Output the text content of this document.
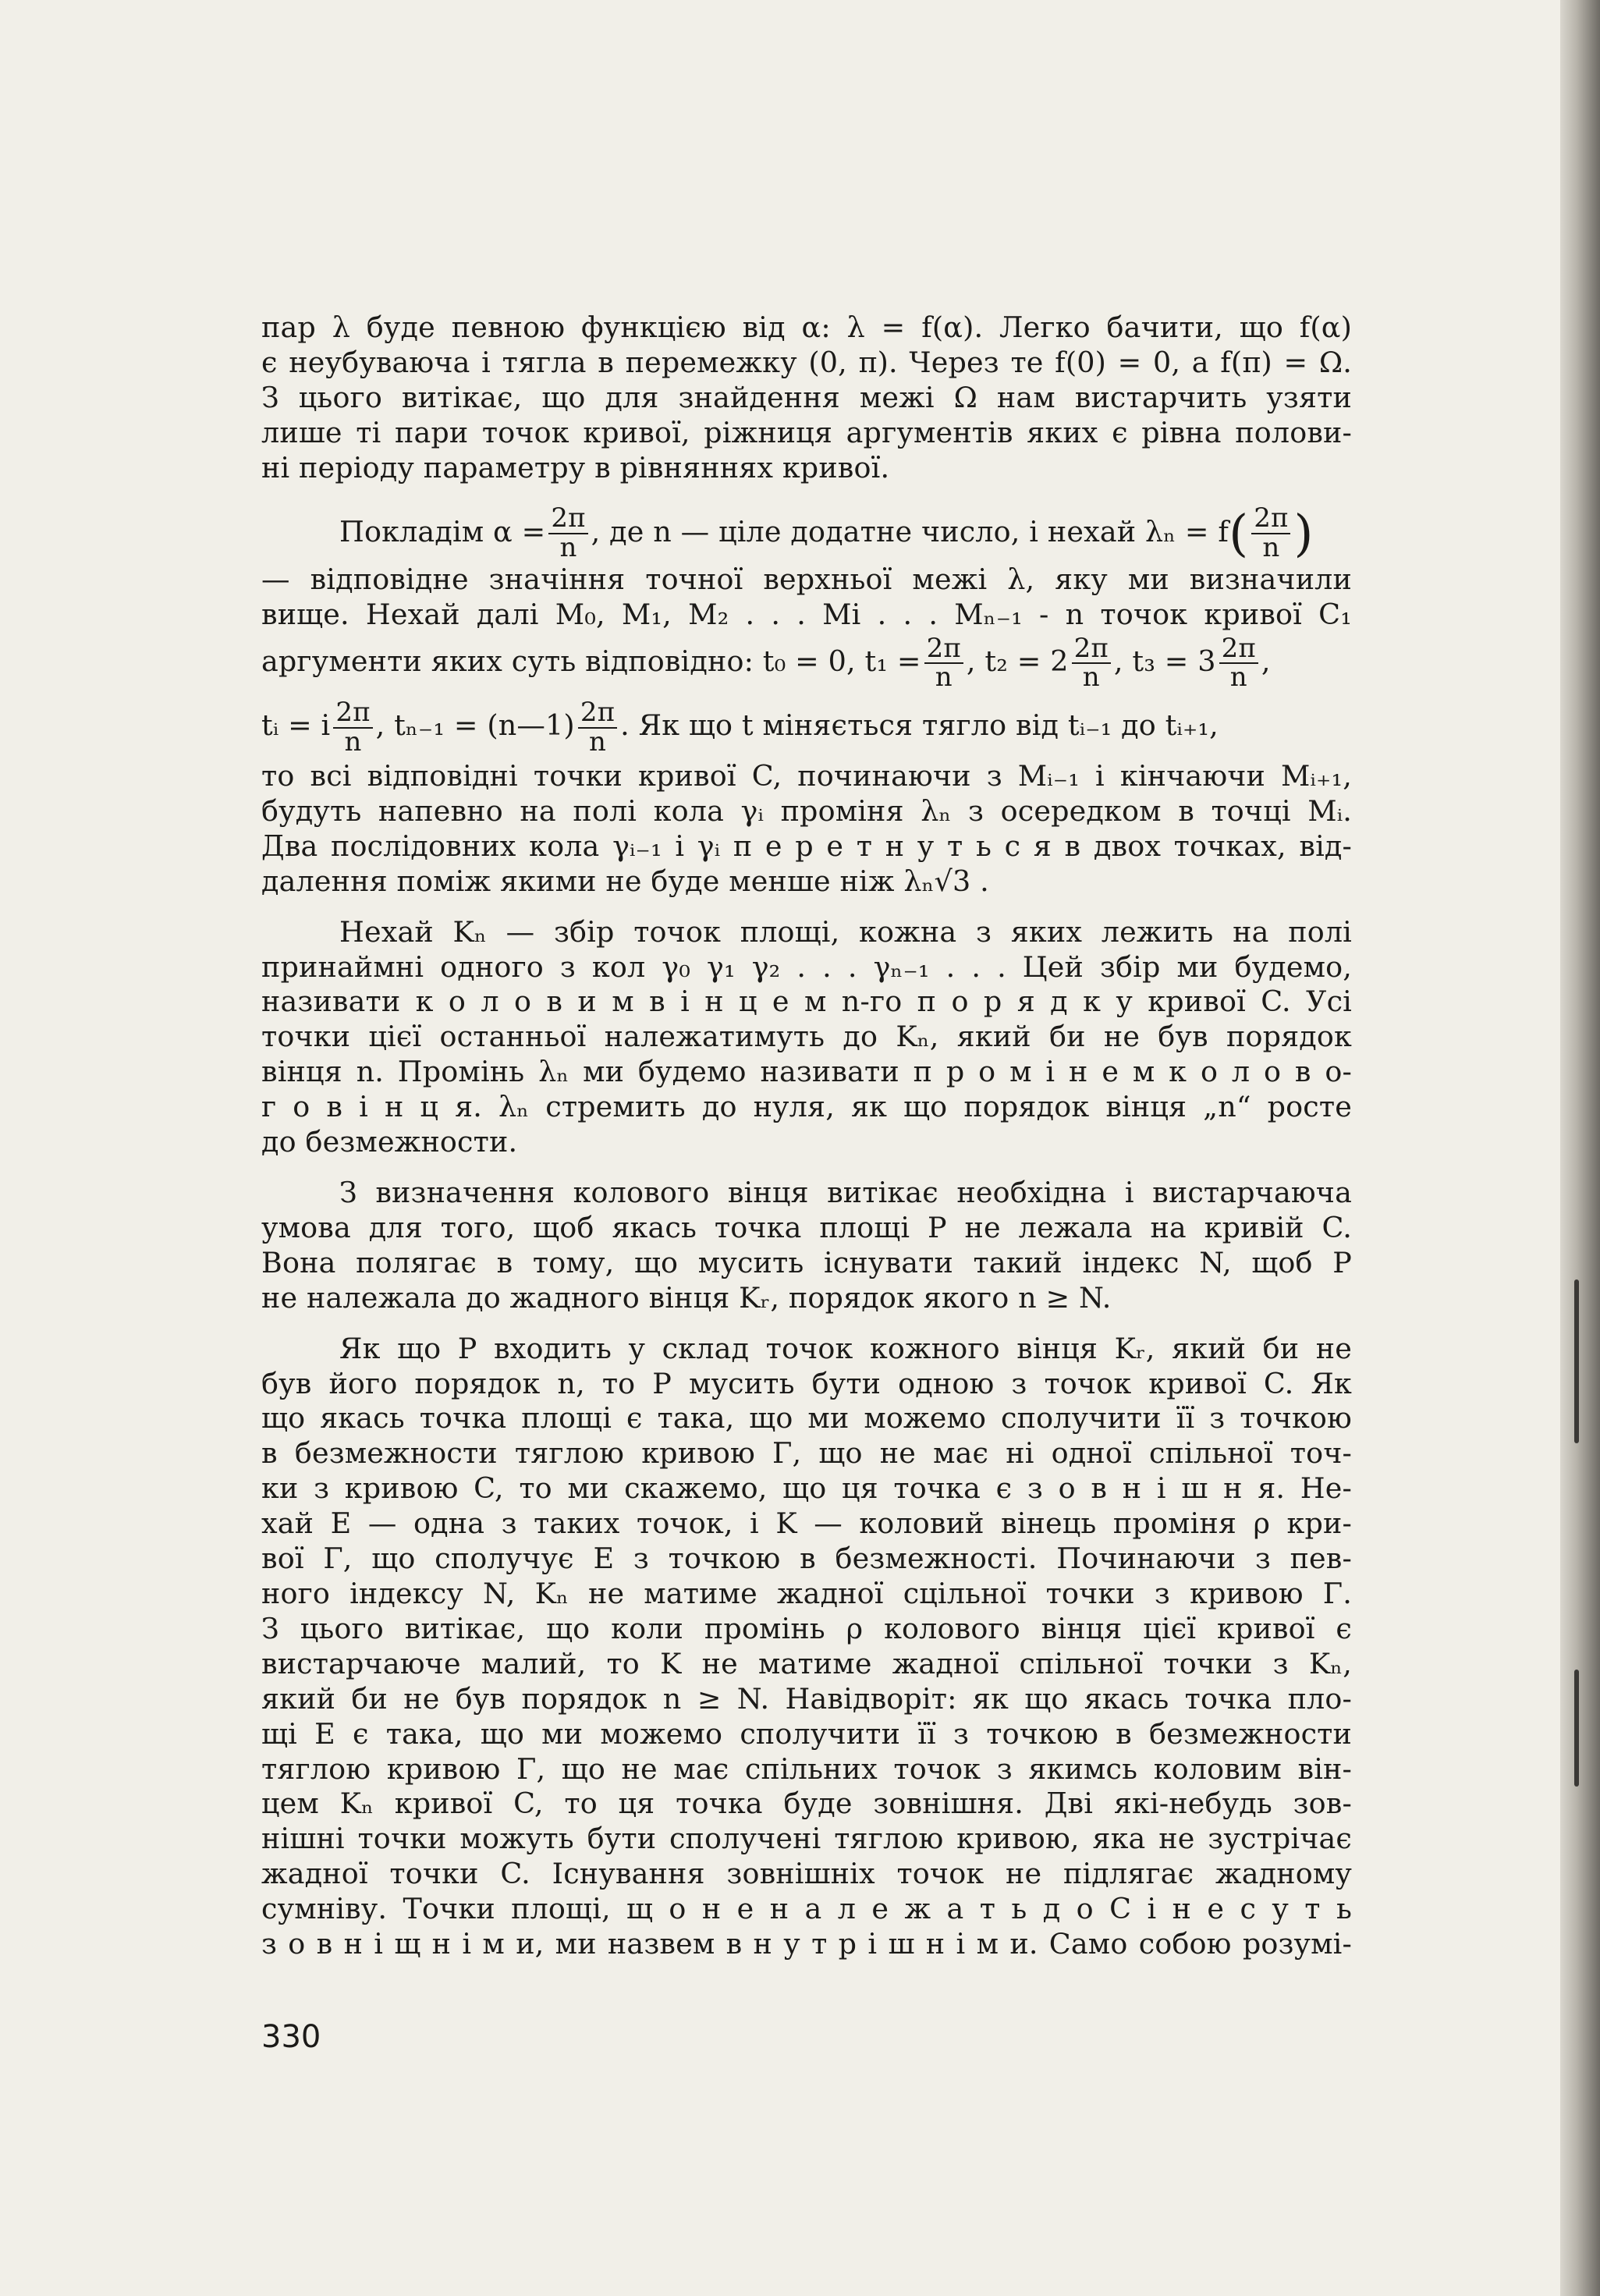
пар λ буде певною функцією від α: λ = f(α). Легко бачити, що f(α)

є неубуваюча і тягла в перемежку (0, π). Через те f(0) = 0, а f(π) = Ω.

З цього витікає, що для знайдення межі Ω нам вистарчить узяти

лише ті пари точок кривої, ріжниця аргументів яких є рівна полови-

ні періоду параметру в рівняннях кривої.

Покладім $\alpha = \frac{2\pi}{n}$ , де n — ціле додатне число, і нехай $\lambda_n = f( \frac{2\pi}{n}$ )

— відповідне значіння точної верхньої межі λ, яку ми визначили

вище. Нехай далі M₀, M₁, M₂ . . . Mі . . . Mₙ₋₁ - n точок кривої C₁

аргументи яких суть відповідно: t₀ = 0, $t_1 = \frac{2\pi}{n}$ , $t_2 = 2 \frac{2\pi}{n}$ , $t_3 = 3 \frac{2\pi}{n}$ ,

tᵢ = i $\frac{2\pi}{n}$ , tₙ₋₁ = (n—1) $\frac{2\pi}{n}$ . Як що t міняється тягло від tᵢ₋₁ до tᵢ₊₁,

то всі відповідні точки кривої C, починаючи з Mᵢ₋₁ і кінчаючи Mᵢ₊₁,

будуть напевно на полі кола γᵢ проміня λₙ з осередком в точці Mᵢ.

Два послідовних кола γᵢ₋₁ і γᵢ п е р е т н у т ь с я в двох точках, від-

далення поміж якими не буде менше ніж λₙ√3 .

Нехай Kₙ — збір точок площі, кожна з яких лежить на полі

принаймні одного з кол γ₀ γ₁ γ₂ . . . γₙ₋₁ . . . Цей збір ми будемо,

називати к о л о в и м в і н ц е м n-го п о р я д к у кривої C. Усі

точки цієї останньої належатимуть до Kₙ, який би не був порядок

вінця n. Промінь λₙ ми будемо називати п р о м і н е м к о л о в о-

г о в і н ц я. λₙ стремить до нуля, як що порядок вінця „n“ росте

до безмежности.

З визначення колового вінця витікає необхідна і вистарчаюча

умова для того, щоб якась точка площі P не лежала на кривій C.

Вона полягає в тому, що мусить існувати такий індекс N, щоб P

не належала до жадного вінця Kᵣ, порядок якого n ≥ N.

Як що P входить у склад точок кожного вінця Kᵣ, який би не

був його порядок n, то P мусить бути одною з точок кривої C. Як

що якась точка площі є така, що ми можемо сполучити її з точкою

в безмежности тяглою кривою Γ, що не має ні одної спільної точ-

ки з кривою C, то ми скажемо, що ця точка є з о в н і ш н я. Не-

хай E — одна з таких точок, і K — коловий вінець проміня ρ кри-

вої Γ, що сполучує E з точкою в безмежності. Починаючи з пев-

ного індексу N, Kₙ не матиме жадної сцільної точки з кривою Γ.

З цього витікає, що коли промінь ρ колового вінця цієї кривої є

вистарчаюче малий, то K не матиме жадної спільної точки з Kₙ,

який би не був порядок n ≥ N. Навідворіт: як що якась точка пло-

щі E є така, що ми можемо сполучити її з точкою в безмежности

тяглою кривою Γ, що не має спільних точок з якимсь коловим він-

цем Kₙ кривої C, то ця точка буде зовнішня. Дві які-небудь зов-

нішні точки можуть бути сполучені тяглою кривою, яка не зустрічає

жадної точки C. Існування зовнішніх точок не підлягає жадному

сумніву. Точки площі, щ о н е н а л е ж а т ь д о C і н е с у т ь

з о в н і щ н і м и, ми назвем в н у т р і ш н і м и. Само собою розумі-

330
